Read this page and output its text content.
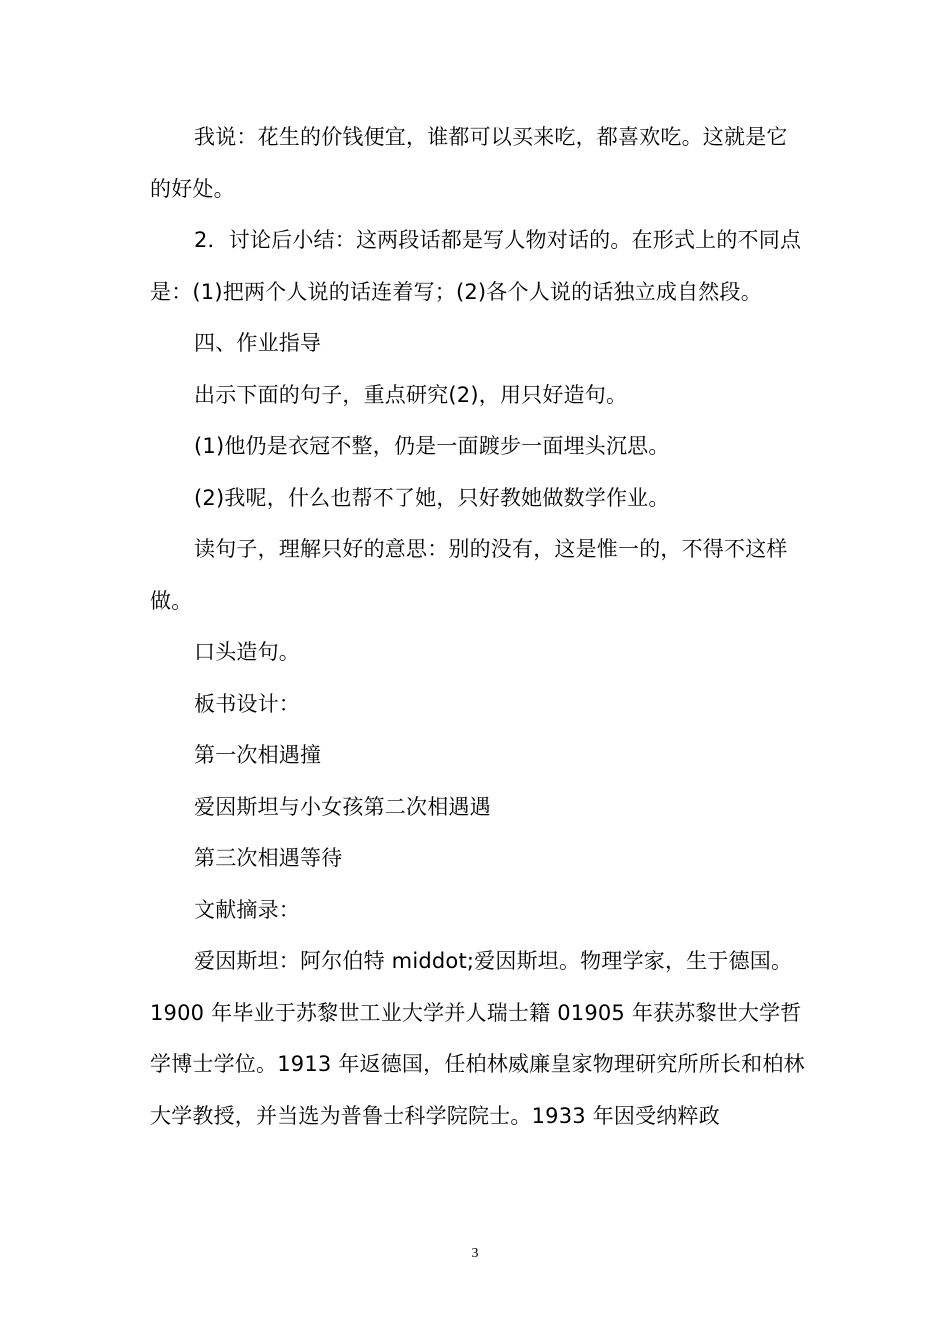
我说：花生的价钱便宜，谁都可以买来吃，都喜欢吃。这就是它的好处。

2．讨论后小结：这两段话都是写人物对话的。在形式上的不同点是：(1)把两个人说的话连着写；(2)各个人说的话独立成自然段。

四、作业指导

出示下面的句子，重点研究(2)，用只好造句。

(1)他仍是衣冠不整，仍是一面踱步一面埋头沉思。

(2)我呢，什么也帮不了她，只好教她做数学作业。

读句子，理解只好的意思：别的没有，这是惟一的，不得不这样做。

口头造句。

板书设计：

第一次相遇撞

爱因斯坦与小女孩第二次相遇遇

第三次相遇等待

文献摘录：

爱因斯坦：阿尔伯特 middot;爱因斯坦。物理学家，生于德国。1900 年毕业于苏黎世工业大学并人瑞士籍 01905 年获苏黎世大学哲学博士学位。1913 年返德国，任柏林威廉皇家物理研究所所长和柏林大学教授，并当选为普鲁士科学院院士。1933 年因受纳粹政

3
